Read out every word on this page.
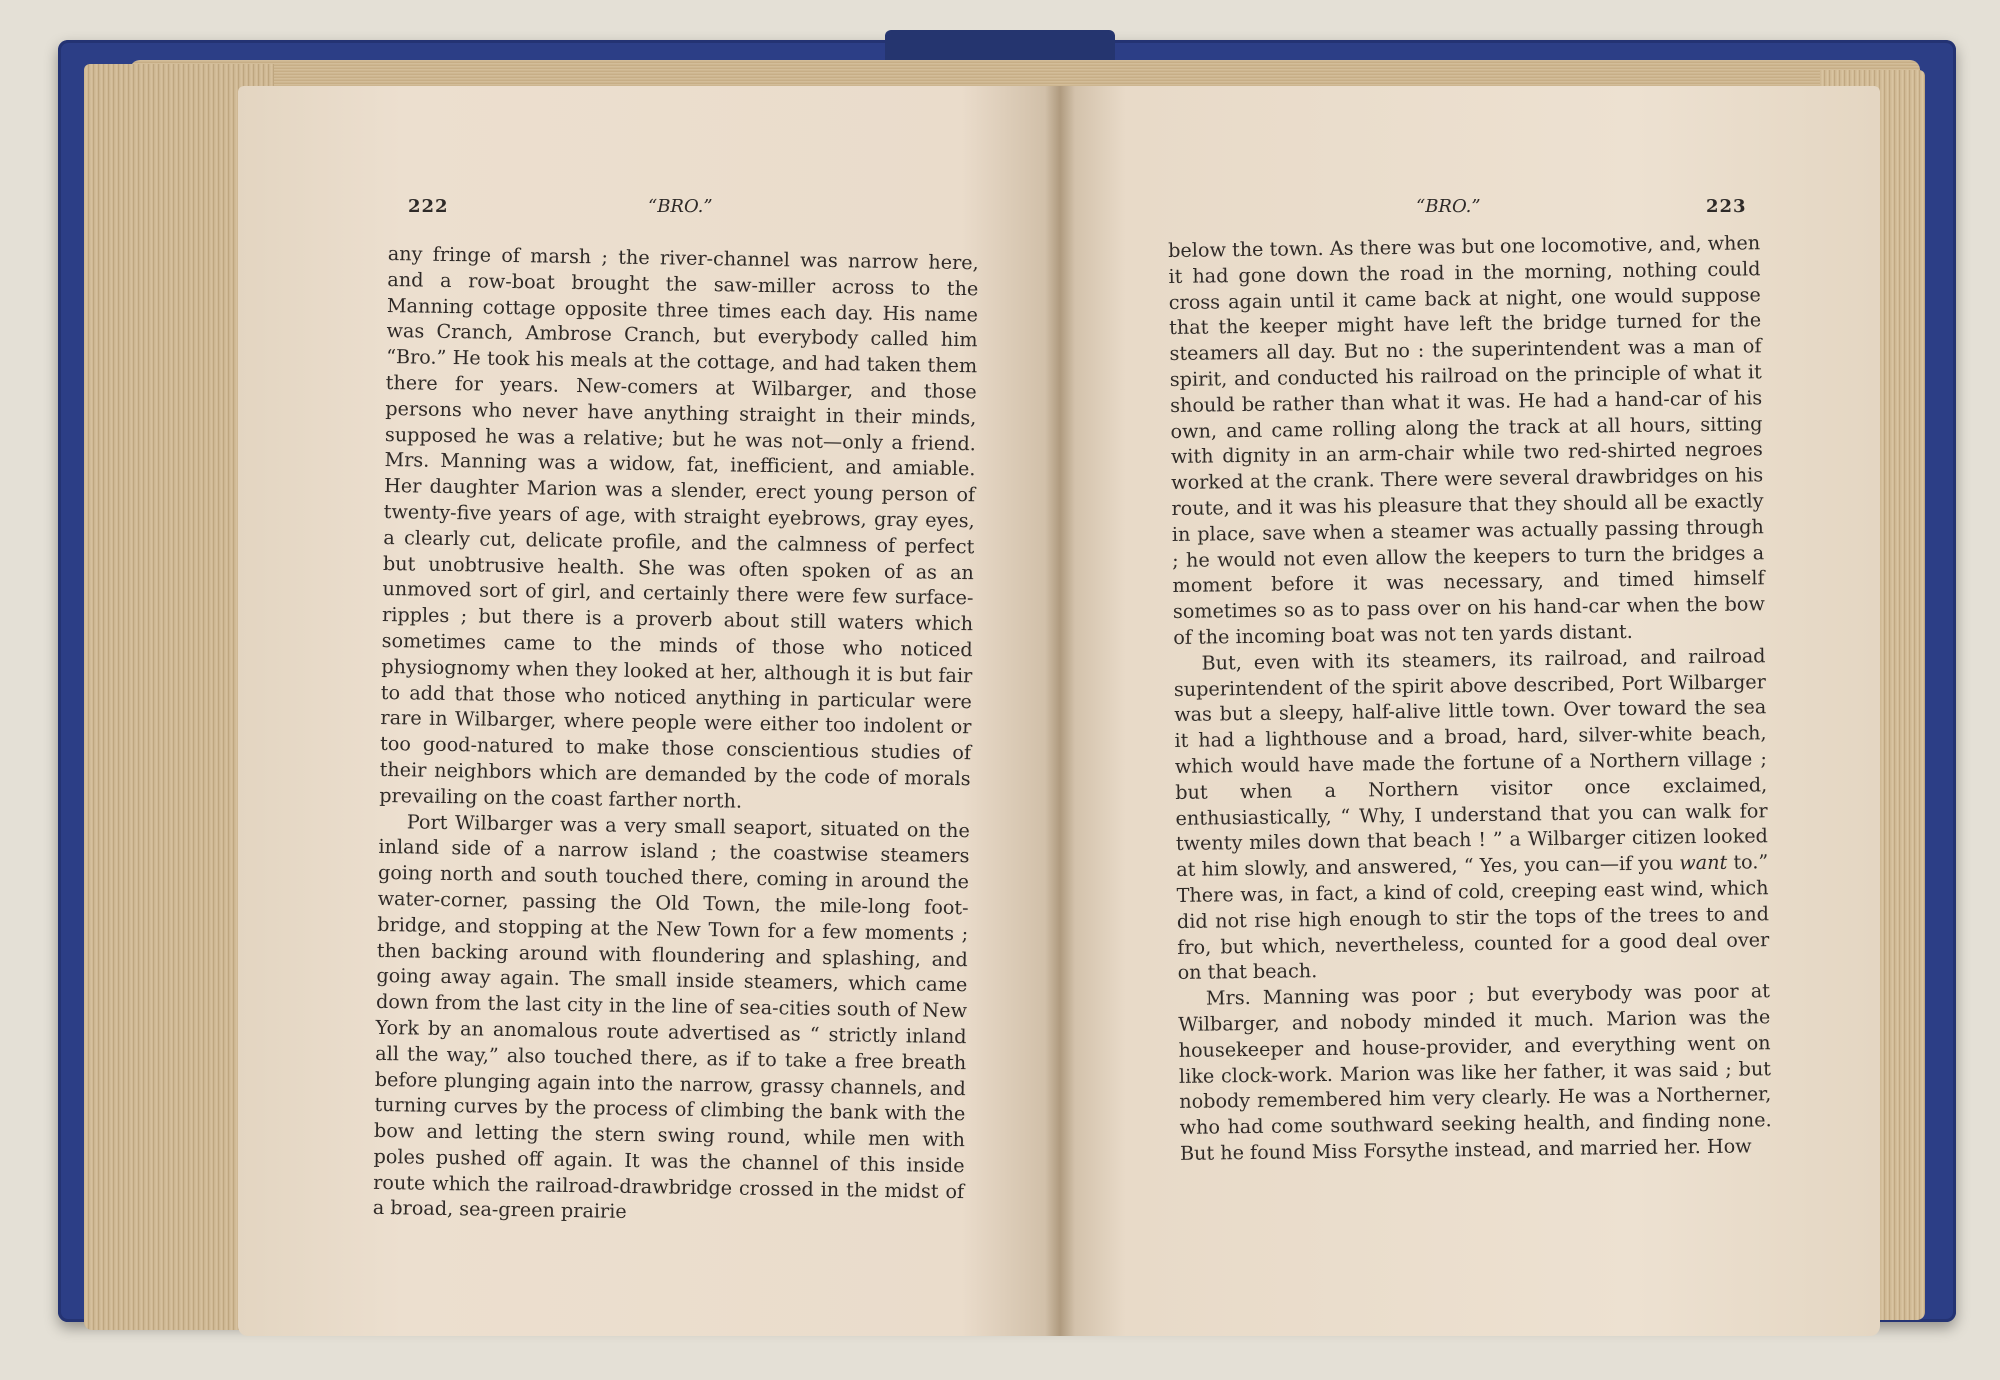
222	“BRO.”

any fringe of marsh ; the river-channel was narrow here, and a row-boat brought the saw-miller across to the Manning cottage opposite three times each day. His name was Cranch, Ambrose Cranch, but everybody called him “Bro.” He took his meals at the cottage, and had taken them there for years. New-comers at Wilbarger, and those persons who never have anything straight in their minds, supposed he was a relative; but he was not—only a friend. Mrs. Manning was a widow, fat, inefficient, and amiable. Her daughter Marion was a slender, erect young person of twenty-five years of age, with straight eyebrows, gray eyes, a clearly cut, delicate profile, and the calmness of perfect but unobtrusive health. She was often spoken of as an unmoved sort of girl, and certainly there were few surface-ripples ; but there is a proverb about still waters which sometimes came to the minds of those who noticed physiognomy when they looked at her, although it is but fair to add that those who noticed anything in particular were rare in Wilbarger, where people were either too indolent or too good-natured to make those conscientious studies of their neighbors which are demanded by the code of morals prevailing on the coast farther north.

Port Wilbarger was a very small seaport, situated on the inland side of a narrow island ; the coastwise steamers going north and south touched there, coming in around the water-corner, passing the Old Town, the mile-long foot-bridge, and stopping at the New Town for a few moments ; then backing around with floundering and splashing, and going away again. The small inside steamers, which came down from the last city in the line of sea-cities south of New York by an anomalous route advertised as “ strictly inland all the way,” also touched there, as if to take a free breath before plunging again into the narrow, grassy channels, and turning curves by the process of climbing the bank with the bow and letting the stern swing round, while men with poles pushed off again. It was the channel of this inside route which the railroad-drawbridge crossed in the midst of a broad, sea-green prairie

“BRO.”	223

below the town. As there was but one locomotive, and, when it had gone down the road in the morning, nothing could cross again until it came back at night, one would suppose that the keeper might have left the bridge turned for the steamers all day. But no : the superintendent was a man of spirit, and conducted his railroad on the principle of what it should be rather than what it was. He had a hand-car of his own, and came rolling along the track at all hours, sitting with dignity in an arm-chair while two red-shirted negroes worked at the crank. There were several drawbridges on his route, and it was his pleasure that they should all be exactly in place, save when a steamer was actually passing through ; he would not even allow the keepers to turn the bridges a moment before it was necessary, and timed himself sometimes so as to pass over on his hand-car when the bow of the incoming boat was not ten yards distant.

But, even with its steamers, its railroad, and railroad superintendent of the spirit above described, Port Wilbarger was but a sleepy, half-alive little town. Over toward the sea it had a lighthouse and a broad, hard, silver-white beach, which would have made the fortune of a Northern village ; but when a Northern visitor once exclaimed, enthusiastically, “ Why, I understand that you can walk for twenty miles down that beach ! ” a Wilbarger citizen looked at him slowly, and answered, “ Yes, you can—if you want to.” There was, in fact, a kind of cold, creeping east wind, which did not rise high enough to stir the tops of the trees to and fro, but which, nevertheless, counted for a good deal over on that beach.

Mrs. Manning was poor ; but everybody was poor at Wilbarger, and nobody minded it much. Marion was the housekeeper and house-provider, and everything went on like clock-work. Marion was like her father, it was said ; but nobody remembered him very clearly. He was a Northerner, who had come southward seeking health, and finding none. But he found Miss Forsythe instead, and married her. How
